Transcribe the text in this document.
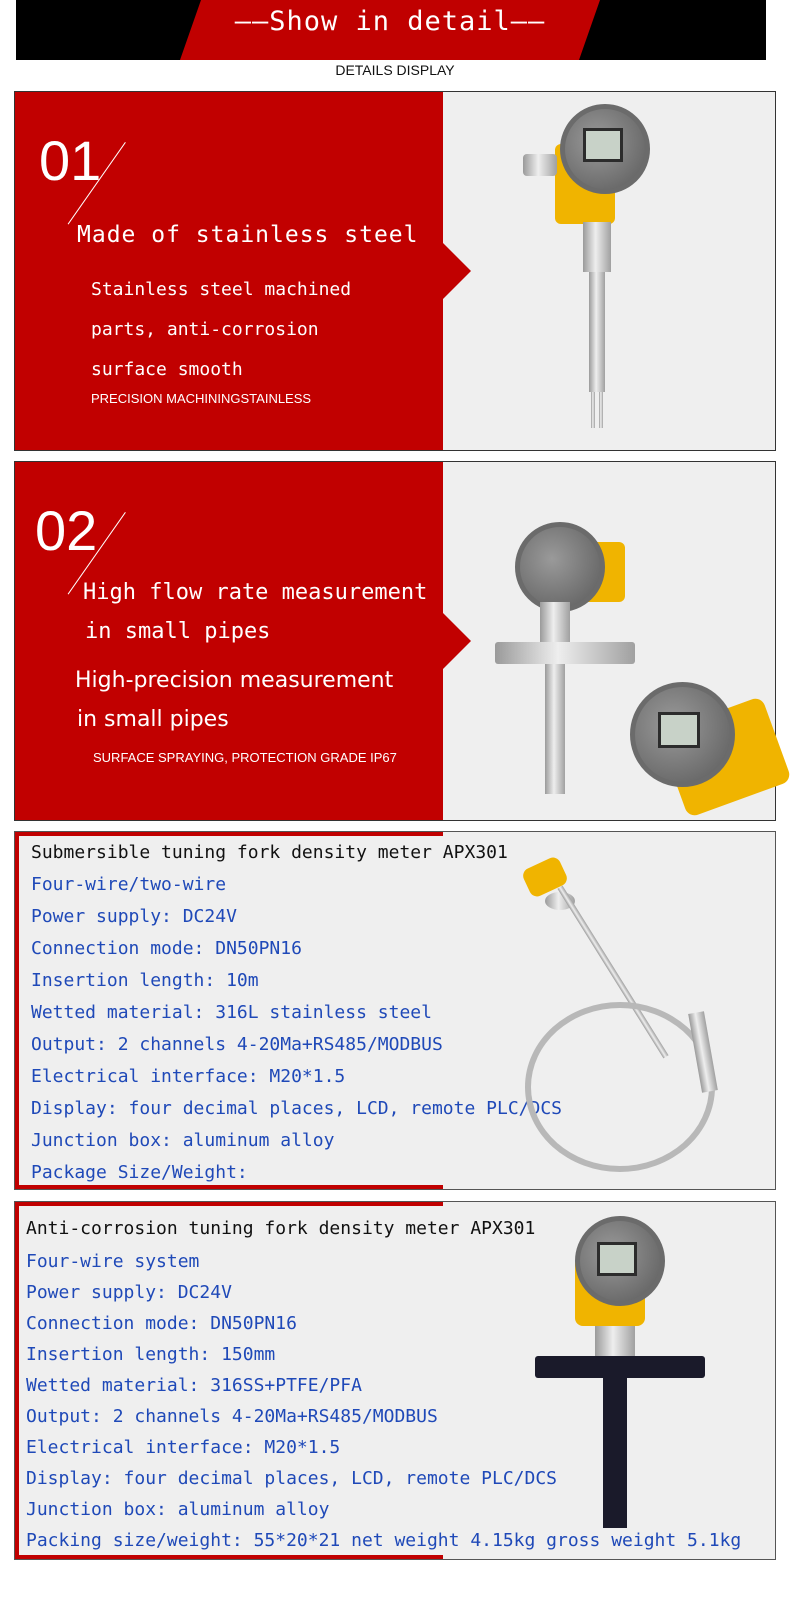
——Show in detail——
DETAILS DISPLAY
01
Made of stainless steel
Stainless steel machined
parts, anti-corrosion
surface smooth
PRECISION MACHININGSTAINLESS
02
High flow rate measurement
in small pipes
High-precision measurement
in small pipes
SURFACE SPRAYING, PROTECTION GRADE IP67
Submersible tuning fork density meter APX301
Four-wire/two-wire
Power supply: DC24V
Connection mode: DN50PN16
Insertion length: 10m
Wetted material: 316L stainless steel
Output: 2 channels 4-20Ma+RS485/MODBUS
Electrical interface: M20*1.5
Display: four decimal places, LCD, remote PLC/DCS
Junction box: aluminum alloy
Package Size/Weight:
Anti-corrosion tuning fork density meter APX301
Four-wire system
Power supply: DC24V
Connection mode: DN50PN16
Insertion length: 150mm
Wetted material: 316SS+PTFE/PFA
Output: 2 channels 4-20Ma+RS485/MODBUS
Electrical interface: M20*1.5
Display: four decimal places, LCD, remote PLC/DCS
Junction box: aluminum alloy
Packing size/weight: 55*20*21 net weight 4.15kg gross weight 5.1kg
